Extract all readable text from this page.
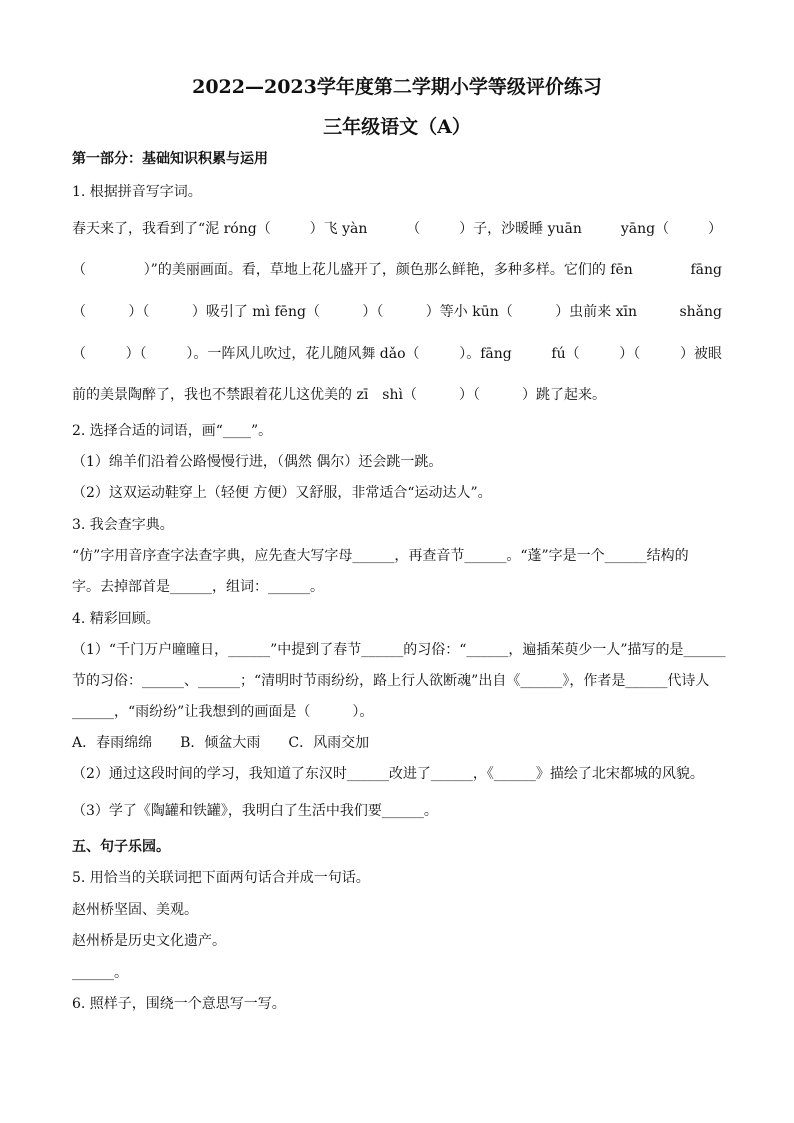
2022—2023学年度第二学期小学等级评价练习
三年级语文（A）
第一部分：基础知识积累与运用
1. 根据拼音写字词。
春天来了，我看到了“泥 róng（	）飞 yàn	（	）子，沙暖睡 yuān	yāng（	）
（	）”的美丽画面。看，草地上花儿盛开了，颜色那么鲜艳，多种多样。它们的 fēn	fāng
（	）（	）吸引了 mì fēng（	）（	）等小 kūn（	）虫前来 xīn	shǎng
（	）（	）。一阵风儿吹过，花儿随风舞 dǎo（	）。fāng	fú（	）（	）被眼
前的美景陶醉了，我也不禁跟着花儿这优美的 zī　shì（　　　）（　　　）跳了起来。
2. 选择合适的词语，画“____”。
（1）绵羊们沿着公路慢慢行进，（偶然 偶尔）还会跳一跳。
（2）这双运动鞋穿上（轻便 方便）又舒服，非常适合“运动达人”。
3. 我会查字典。
“仿”字用音序查字法查字典，应先查大写字母______，再查音节______。“蓬”字是一个______结构的
字。去掉部首是______，组词：______。
4. 精彩回顾。
（1）“千门万户曈曈日，______”中提到了春节______的习俗：“______，遍插茱萸少一人”描写的是______
节的习俗：______、______；“清明时节雨纷纷，路上行人欲断魂”出自《______》，作者是______代诗人
______，“雨纷纷”让我想到的画面是（　　　）。
A．春雨绵绵　　B．倾盆大雨　　C．风雨交加
（2）通过这段时间的学习，我知道了东汉时______改进了______，《______》描绘了北宋都城的风貌。
（3）学了《陶罐和铁罐》，我明白了生活中我们要______。
五、句子乐园。
5. 用恰当的关联词把下面两句话合并成一句话。
赵州桥坚固、美观。
赵州桥是历史文化遗产。
______。
6. 照样子，围绕一个意思写一写。
